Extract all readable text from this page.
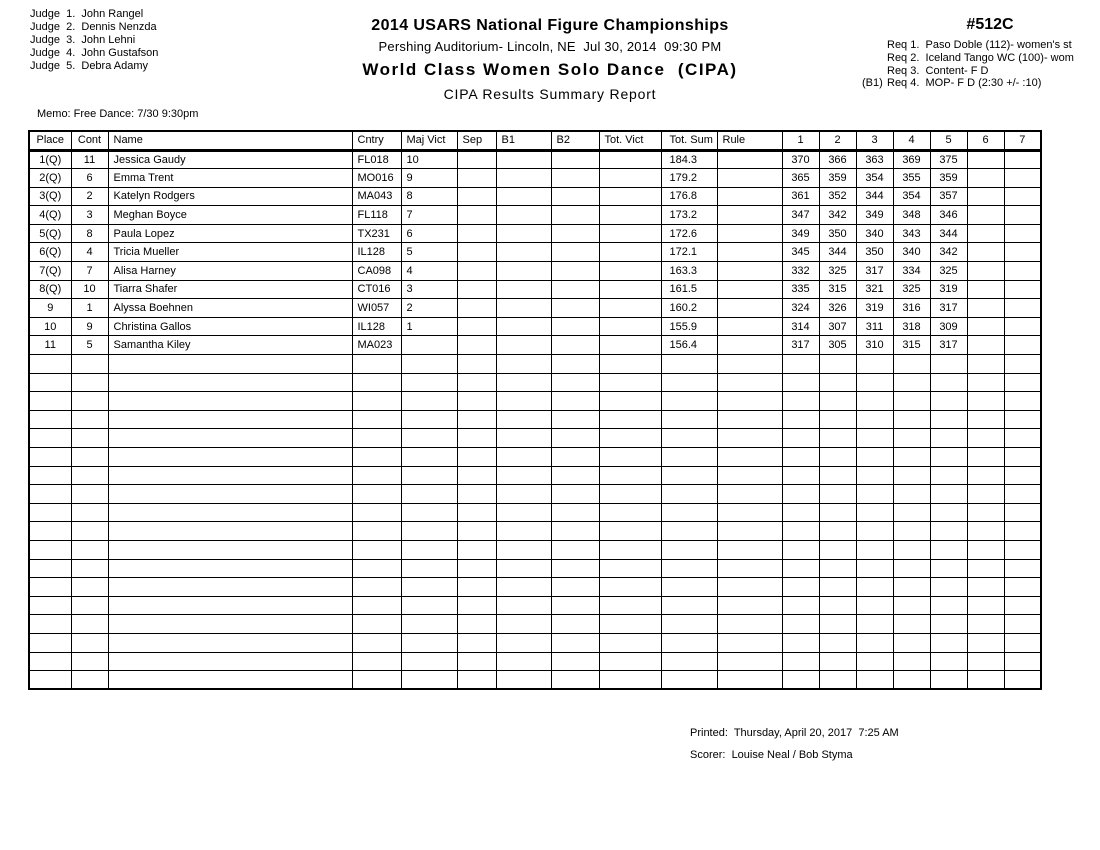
Judge  1.  John Rangel
Judge  2.  Dennis Nenzda
Judge  3.  John Lehni
Judge  4.  John Gustafson
Judge  5.  Debra Adamy
2014 USARS National Figure Championships
Pershing Auditorium- Lincoln, NE  Jul 30, 2014  09:30 PM
World Class Women Solo Dance  (CIPA)
CIPA Results Summary Report
#512C
Req 1.  Paso Doble (112)- women's st
Req 2.  Iceland Tango WC (100)- wom
Req 3.  Content- F D
(B1) Req 4.  MOP- F D (2:30 +/- :10)
Memo: Free Dance: 7/30 9:30pm
Place	Cont	Name	Cntry	Maj Vict	Sep	B1	B2	Tot. Vict	Tot. Sum	Rule	1	2	3	4	5	6	7
1(Q)	11	Jessica Gaudy	FL018	10					184.3		370	366	363	369	375		
2(Q)	6	Emma Trent	MO016	9					179.2		365	359	354	355	359		
3(Q)	2	Katelyn Rodgers	MA043	8					176.8		361	352	344	354	357		
4(Q)	3	Meghan Boyce	FL118	7					173.2		347	342	349	348	346		
5(Q)	8	Paula Lopez	TX231	6					172.6		349	350	340	343	344		
6(Q)	4	Tricia Mueller	IL128	5					172.1		345	344	350	340	342		
7(Q)	7	Alisa Harney	CA098	4					163.3		332	325	317	334	325		
8(Q)	10	Tiarra Shafer	CT016	3					161.5		335	315	321	325	319		
9	1	Alyssa Boehnen	WI057	2					160.2		324	326	319	316	317		
10	9	Christina Gallos	IL128	1					155.9		314	307	311	318	309		
11	5	Samantha Kiley	MA023						156.4		317	305	310	315	317		

Printed:  Thursday, April 20, 2017  7:25 AM
Scorer:  Louise Neal / Bob Styma
